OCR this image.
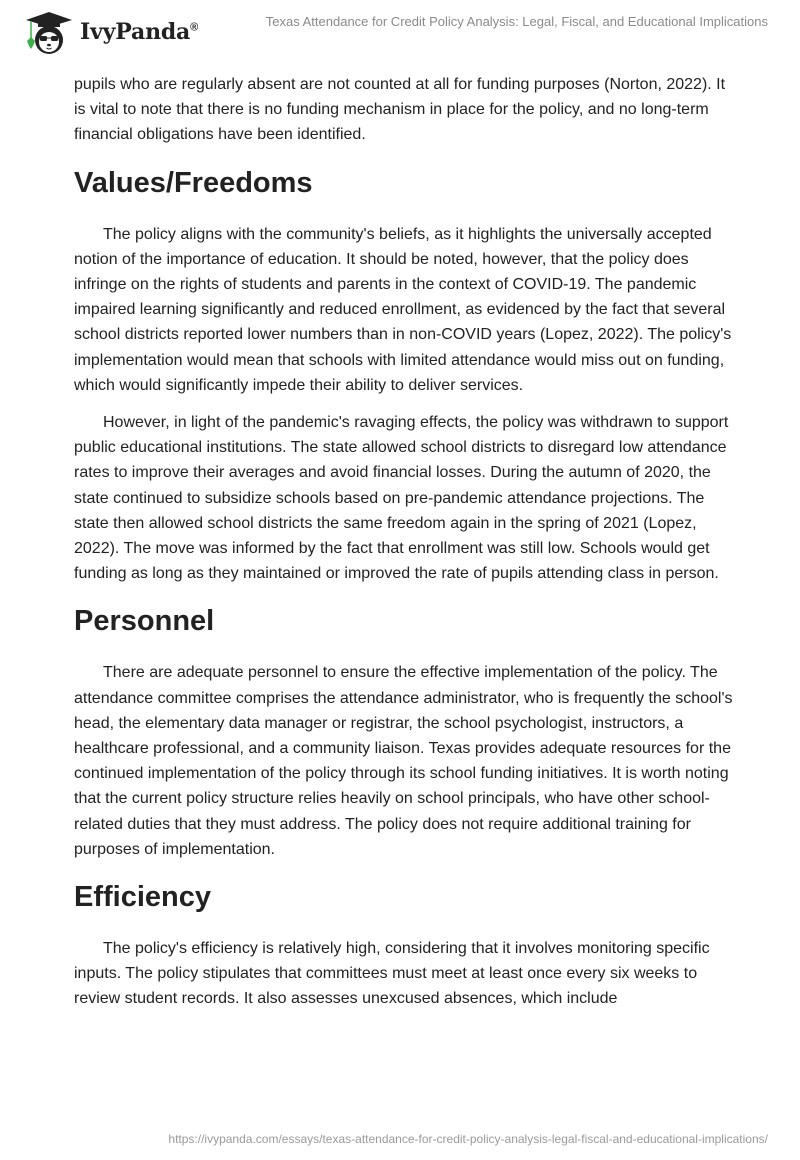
IvyPanda®	Texas Attendance for Credit Policy Analysis: Legal, Fiscal, and Educational Implications

pupils who are regularly absent are not counted at all for funding purposes (Norton, 2022). It is vital to note that there is no funding mechanism in place for the policy, and no long-term financial obligations have been identified.

Values/Freedoms

The policy aligns with the community's beliefs, as it highlights the universally accepted notion of the importance of education. It should be noted, however, that the policy does infringe on the rights of students and parents in the context of COVID-19. The pandemic impaired learning significantly and reduced enrollment, as evidenced by the fact that several school districts reported lower numbers than in non-COVID years (Lopez, 2022). The policy's implementation would mean that schools with limited attendance would miss out on funding, which would significantly impede their ability to deliver services.

However, in light of the pandemic's ravaging effects, the policy was withdrawn to support public educational institutions. The state allowed school districts to disregard low attendance rates to improve their averages and avoid financial losses. During the autumn of 2020, the state continued to subsidize schools based on pre-pandemic attendance projections. The state then allowed school districts the same freedom again in the spring of 2021 (Lopez, 2022). The move was informed by the fact that enrollment was still low. Schools would get funding as long as they maintained or improved the rate of pupils attending class in person.

Personnel

There are adequate personnel to ensure the effective implementation of the policy. The attendance committee comprises the attendance administrator, who is frequently the school's head, the elementary data manager or registrar, the school psychologist, instructors, a healthcare professional, and a community liaison. Texas provides adequate resources for the continued implementation of the policy through its school funding initiatives. It is worth noting that the current policy structure relies heavily on school principals, who have other school-related duties that they must address. The policy does not require additional training for purposes of implementation.

Efficiency

The policy's efficiency is relatively high, considering that it involves monitoring specific inputs. The policy stipulates that committees must meet at least once every six weeks to review student records. It also assesses unexcused absences, which include

https://ivypanda.com/essays/texas-attendance-for-credit-policy-analysis-legal-fiscal-and-educational-implications/
